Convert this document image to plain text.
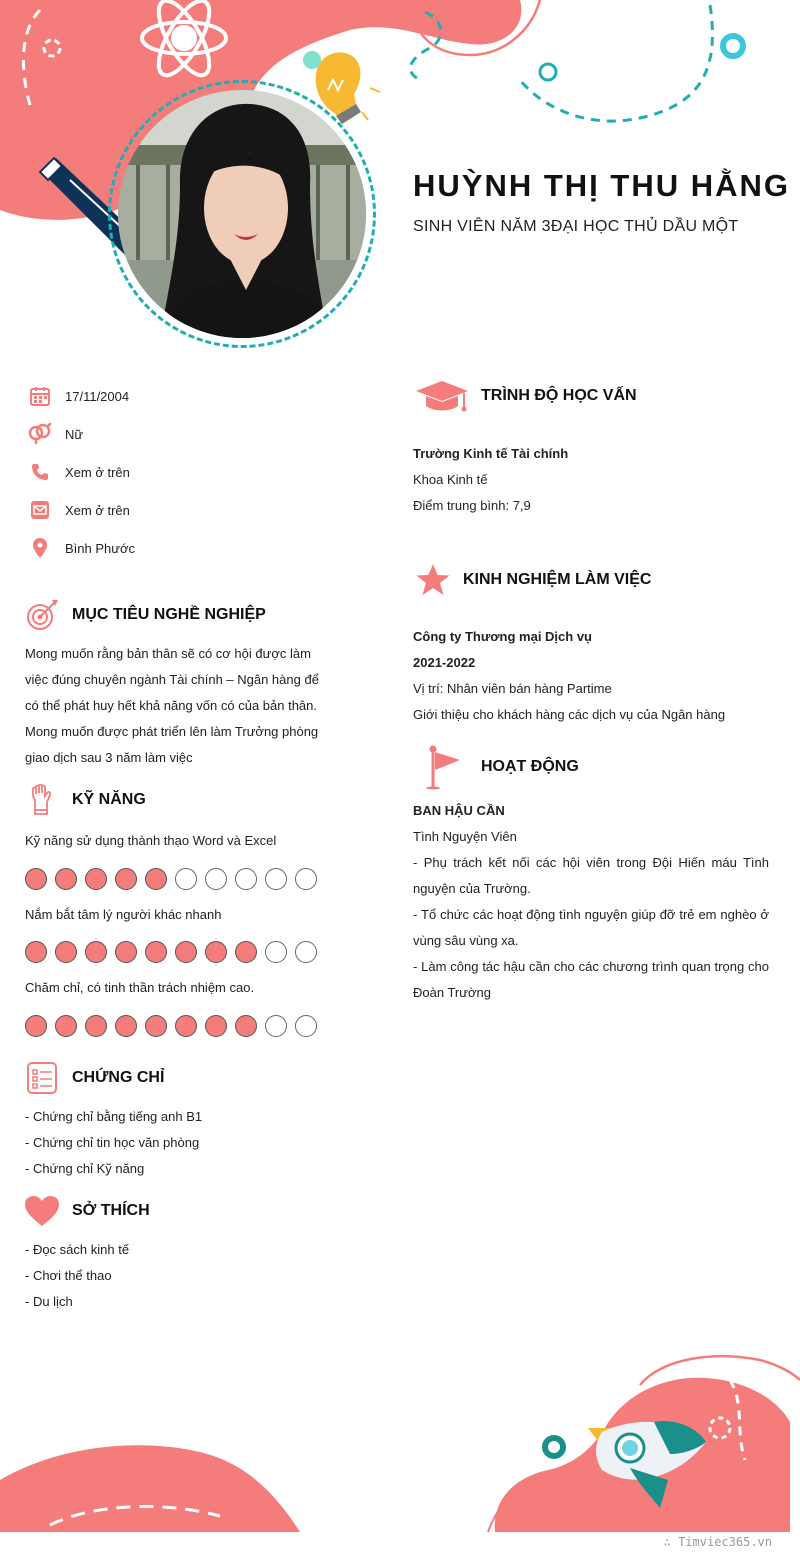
HUỲNH THỊ THU HẰNG
SINH VIÊN NĂM 3ĐẠI HỌC THỦ DẦU MỘT
17/11/2004
Nữ
Xem ở trên
Xem ở trên
Bình Phước
MỤC TIÊU NGHỀ NGHIỆP
Mong muốn rằng bản thân sẽ có cơ hội được làm
việc đúng chuyên ngành Tài chính – Ngân hàng để
có thể phát huy hết khả năng vốn có của bản thân.
Mong muốn được phát triển lên làm Trưởng phòng
giao dịch sau 3 năm làm việc
KỸ NĂNG
Kỹ năng sử dụng thành thạo Word và Excel
Nắm bắt tâm lý người khác nhanh
Chăm chỉ, có tinh thần trách nhiệm cao.
CHỨNG CHỈ
- Chứng chỉ bằng tiếng anh B1
- Chứng chỉ tin học văn phòng
- Chứng chỉ Kỹ năng
SỞ THÍCH
- Đọc sách kinh tế
- Chơi thể thao
- Du lịch
TRÌNH ĐỘ HỌC VẤN
Trường Kinh tế Tài chính
Khoa Kinh tế
Điểm trung bình: 7,9
KINH NGHIỆM LÀM VIỆC
Công ty Thương mại Dịch vụ
2021-2022
Vị trí: Nhân viên bán hàng Partime
Giới thiệu cho khách hàng các dịch vụ của Ngân hàng
HOẠT ĐỘNG
BAN HẬU CẦN
Tình Nguyện Viên
- Phụ trách kết nối các hội viên trong Đội Hiến máu Tình
nguyện của Trường.
- Tổ chức các hoạt động tình nguyện giúp đỡ trẻ em nghèo ở
vùng sâu vùng xa.
- Làm công tác hậu cần cho các chương trình quan trọng cho
Đoàn Trường
∴ Timviec365.vn
